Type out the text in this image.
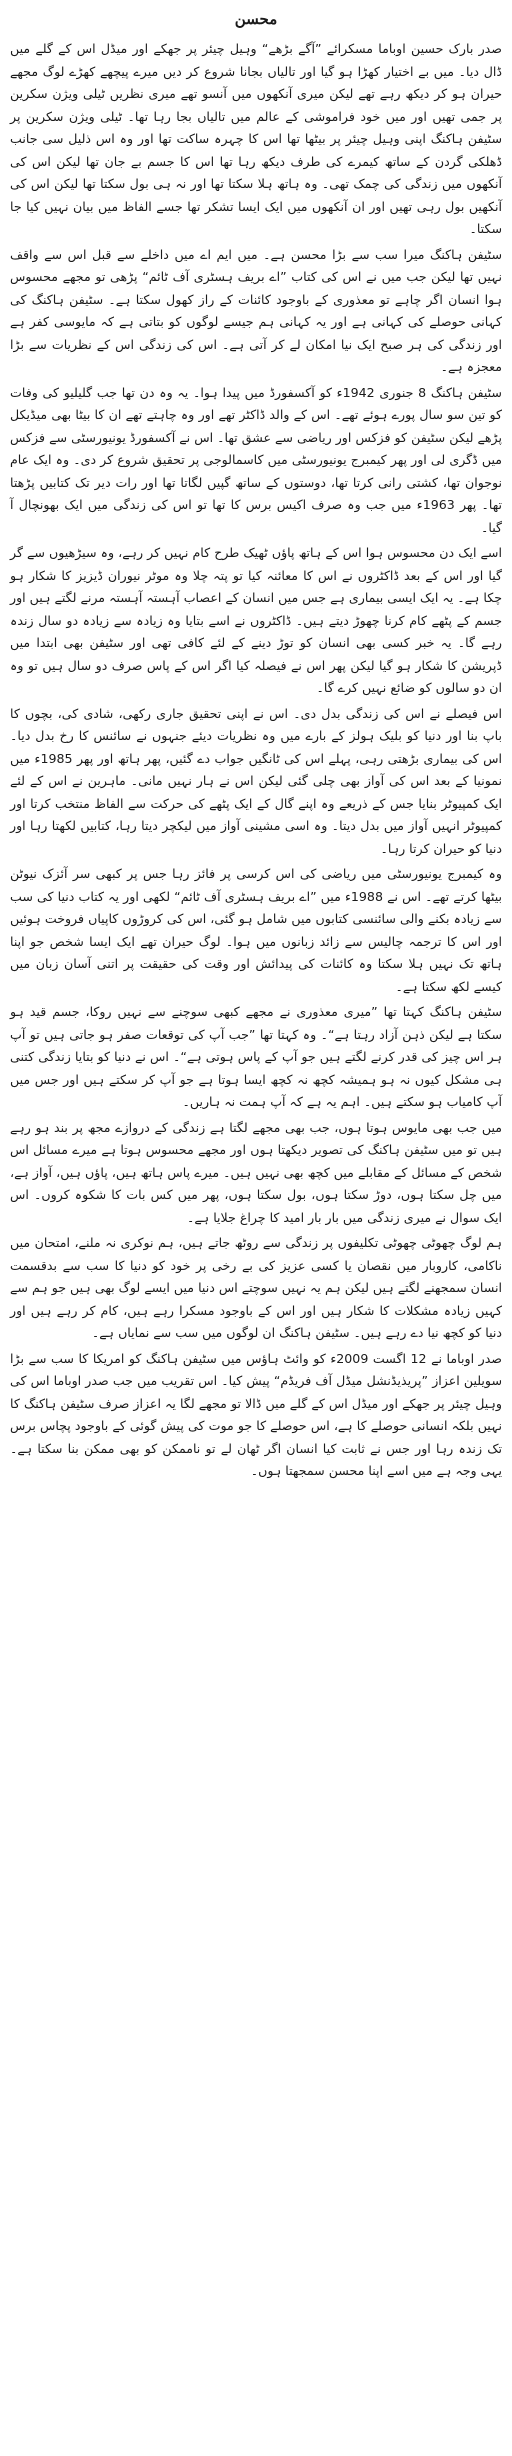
محسن

صدر بارک حسین اوباما مسکرائے ”آگے بڑھے“ وہیل چیئر پر جھکے اور میڈل اس کے گلے میں ڈال دیا۔ میں بے اختیار کھڑا ہو گیا اور تالیاں بجانا شروع کر دیں میرے پیچھے کھڑے لوگ مجھے حیران ہو کر دیکھ رہے تھے لیکن میری آنکھوں میں آنسو تھے میری نظریں ٹیلی ویژن سکرین پر جمی تھیں اور میں خود فراموشی کے عالم میں تالیاں بجا رہا تھا۔ ٹیلی ویژن سکرین پر سٹیفن ہاکنگ اپنی وہیل چیئر پر بیٹھا تھا اس کا چہرہ ساکت تھا اور وہ اس ذلیل سی جانب ڈھلکی گردن کے ساتھ کیمرے کی طرف دیکھ رہا تھا اس کا جسم بے جان تھا لیکن اس کی آنکھوں میں زندگی کی چمک تھی۔ وہ ہاتھ ہلا سکتا تھا اور نہ ہی بول سکتا تھا لیکن اس کی آنکھیں بول رہی تھیں اور ان آنکھوں میں ایک ایسا تشکر تھا جسے الفاظ میں بیان نہیں کیا جا سکتا۔

سٹیفن ہاکنگ میرا سب سے بڑا محسن ہے۔ میں ایم اے میں داخلے سے قبل اس سے واقف نہیں تھا لیکن جب میں نے اس کی کتاب ”اے بریف ہسٹری آف ٹائم“ پڑھی تو مجھے محسوس ہوا انسان اگر چاہے تو معذوری کے باوجود کائنات کے راز کھول سکتا ہے۔ سٹیفن ہاکنگ کی کہانی حوصلے کی کہانی ہے اور یہ کہانی ہم جیسے لوگوں کو بتاتی ہے کہ مایوسی کفر ہے اور زندگی کی ہر صبح ایک نیا امکان لے کر آتی ہے۔ اس کی زندگی اس کے نظریات سے بڑا معجزہ ہے۔

سٹیفن ہاکنگ 8 جنوری 1942ء کو آکسفورڈ میں پیدا ہوا۔ یہ وہ دن تھا جب گلیلیو کی وفات کو تین سو سال پورے ہوئے تھے۔ اس کے والد ڈاکٹر تھے اور وہ چاہتے تھے ان کا بیٹا بھی میڈیکل پڑھے لیکن سٹیفن کو فزکس اور ریاضی سے عشق تھا۔ اس نے آکسفورڈ یونیورسٹی سے فزکس میں ڈگری لی اور پھر کیمبرج یونیورسٹی میں کاسمالوجی پر تحقیق شروع کر دی۔ وہ ایک عام نوجوان تھا، کشتی رانی کرتا تھا، دوستوں کے ساتھ گپیں لگاتا تھا اور رات دیر تک کتابیں پڑھتا تھا۔ پھر 1963ء میں جب وہ صرف اکیس برس کا تھا تو اس کی زندگی میں ایک بھونچال آ گیا۔

اسے ایک دن محسوس ہوا اس کے ہاتھ پاؤں ٹھیک طرح کام نہیں کر رہے، وہ سیڑھیوں سے گر گیا اور اس کے بعد ڈاکٹروں نے اس کا معائنہ کیا تو پتہ چلا وہ موٹر نیوران ڈیزیز کا شکار ہو چکا ہے۔ یہ ایک ایسی بیماری ہے جس میں انسان کے اعصاب آہستہ آہستہ مرنے لگتے ہیں اور جسم کے پٹھے کام کرنا چھوڑ دیتے ہیں۔ ڈاکٹروں نے اسے بتایا وہ زیادہ سے زیادہ دو سال زندہ رہے گا۔ یہ خبر کسی بھی انسان کو توڑ دینے کے لئے کافی تھی اور سٹیفن بھی ابتدا میں ڈپریشن کا شکار ہو گیا لیکن پھر اس نے فیصلہ کیا اگر اس کے پاس صرف دو سال ہیں تو وہ ان دو سالوں کو ضائع نہیں کرے گا۔

اس فیصلے نے اس کی زندگی بدل دی۔ اس نے اپنی تحقیق جاری رکھی، شادی کی، بچوں کا باپ بنا اور دنیا کو بلیک ہولز کے بارے میں وہ نظریات دیئے جنہوں نے سائنس کا رخ بدل دیا۔ اس کی بیماری بڑھتی رہی، پہلے اس کی ٹانگیں جواب دے گئیں، پھر ہاتھ اور پھر 1985ء میں نمونیا کے بعد اس کی آواز بھی چلی گئی لیکن اس نے ہار نہیں مانی۔ ماہرین نے اس کے لئے ایک کمپیوٹر بنایا جس کے ذریعے وہ اپنے گال کے ایک پٹھے کی حرکت سے الفاظ منتخب کرتا اور کمپیوٹر انہیں آواز میں بدل دیتا۔ وہ اسی مشینی آواز میں لیکچر دیتا رہا، کتابیں لکھتا رہا اور دنیا کو حیران کرتا رہا۔

وہ کیمبرج یونیورسٹی میں ریاضی کی اس کرسی پر فائز رہا جس پر کبھی سر آئزک نیوٹن بیٹھا کرتے تھے۔ اس نے 1988ء میں ”اے بریف ہسٹری آف ٹائم“ لکھی اور یہ کتاب دنیا کی سب سے زیادہ بکنے والی سائنسی کتابوں میں شامل ہو گئی، اس کی کروڑوں کاپیاں فروخت ہوئیں اور اس کا ترجمہ چالیس سے زائد زبانوں میں ہوا۔ لوگ حیران تھے ایک ایسا شخص جو اپنا ہاتھ تک نہیں ہلا سکتا وہ کائنات کی پیدائش اور وقت کی حقیقت پر اتنی آسان زبان میں کیسے لکھ سکتا ہے۔

سٹیفن ہاکنگ کہتا تھا ”میری معذوری نے مجھے کبھی سوچنے سے نہیں روکا، جسم قید ہو سکتا ہے لیکن ذہن آزاد رہتا ہے“۔ وہ کہتا تھا ”جب آپ کی توقعات صفر ہو جاتی ہیں تو آپ ہر اس چیز کی قدر کرنے لگتے ہیں جو آپ کے پاس ہوتی ہے“۔ اس نے دنیا کو بتایا زندگی کتنی ہی مشکل کیوں نہ ہو ہمیشہ کچھ نہ کچھ ایسا ہوتا ہے جو آپ کر سکتے ہیں اور جس میں آپ کامیاب ہو سکتے ہیں۔ اہم یہ ہے کہ آپ ہمت نہ ہاریں۔

میں جب بھی مایوس ہوتا ہوں، جب بھی مجھے لگتا ہے زندگی کے دروازے مجھ پر بند ہو رہے ہیں تو میں سٹیفن ہاکنگ کی تصویر دیکھتا ہوں اور مجھے محسوس ہوتا ہے میرے مسائل اس شخص کے مسائل کے مقابلے میں کچھ بھی نہیں ہیں۔ میرے پاس ہاتھ ہیں، پاؤں ہیں، آواز ہے، میں چل سکتا ہوں، دوڑ سکتا ہوں، بول سکتا ہوں، پھر میں کس بات کا شکوہ کروں۔ اس ایک سوال نے میری زندگی میں بار بار امید کا چراغ جلایا ہے۔

ہم لوگ چھوٹی چھوٹی تکلیفوں پر زندگی سے روٹھ جاتے ہیں، ہم نوکری نہ ملنے، امتحان میں ناکامی، کاروبار میں نقصان یا کسی عزیز کی بے رخی پر خود کو دنیا کا سب سے بدقسمت انسان سمجھنے لگتے ہیں لیکن ہم یہ نہیں سوچتے اس دنیا میں ایسے لوگ بھی ہیں جو ہم سے کہیں زیادہ مشکلات کا شکار ہیں اور اس کے باوجود مسکرا رہے ہیں، کام کر رہے ہیں اور دنیا کو کچھ نیا دے رہے ہیں۔ سٹیفن ہاکنگ ان لوگوں میں سب سے نمایاں ہے۔

صدر اوباما نے 12 اگست 2009ء کو وائٹ ہاؤس میں سٹیفن ہاکنگ کو امریکا کا سب سے بڑا سویلین اعزاز ”پریذیڈنشل میڈل آف فریڈم“ پیش کیا۔ اس تقریب میں جب صدر اوباما اس کی وہیل چیئر پر جھکے اور میڈل اس کے گلے میں ڈالا تو مجھے لگا یہ اعزاز صرف سٹیفن ہاکنگ کا نہیں بلکہ انسانی حوصلے کا ہے، اس حوصلے کا جو موت کی پیش گوئی کے باوجود پچاس برس تک زندہ رہا اور جس نے ثابت کیا انسان اگر ٹھان لے تو ناممکن کو بھی ممکن بنا سکتا ہے۔ یہی وجہ ہے میں اسے اپنا محسن سمجھتا ہوں۔
